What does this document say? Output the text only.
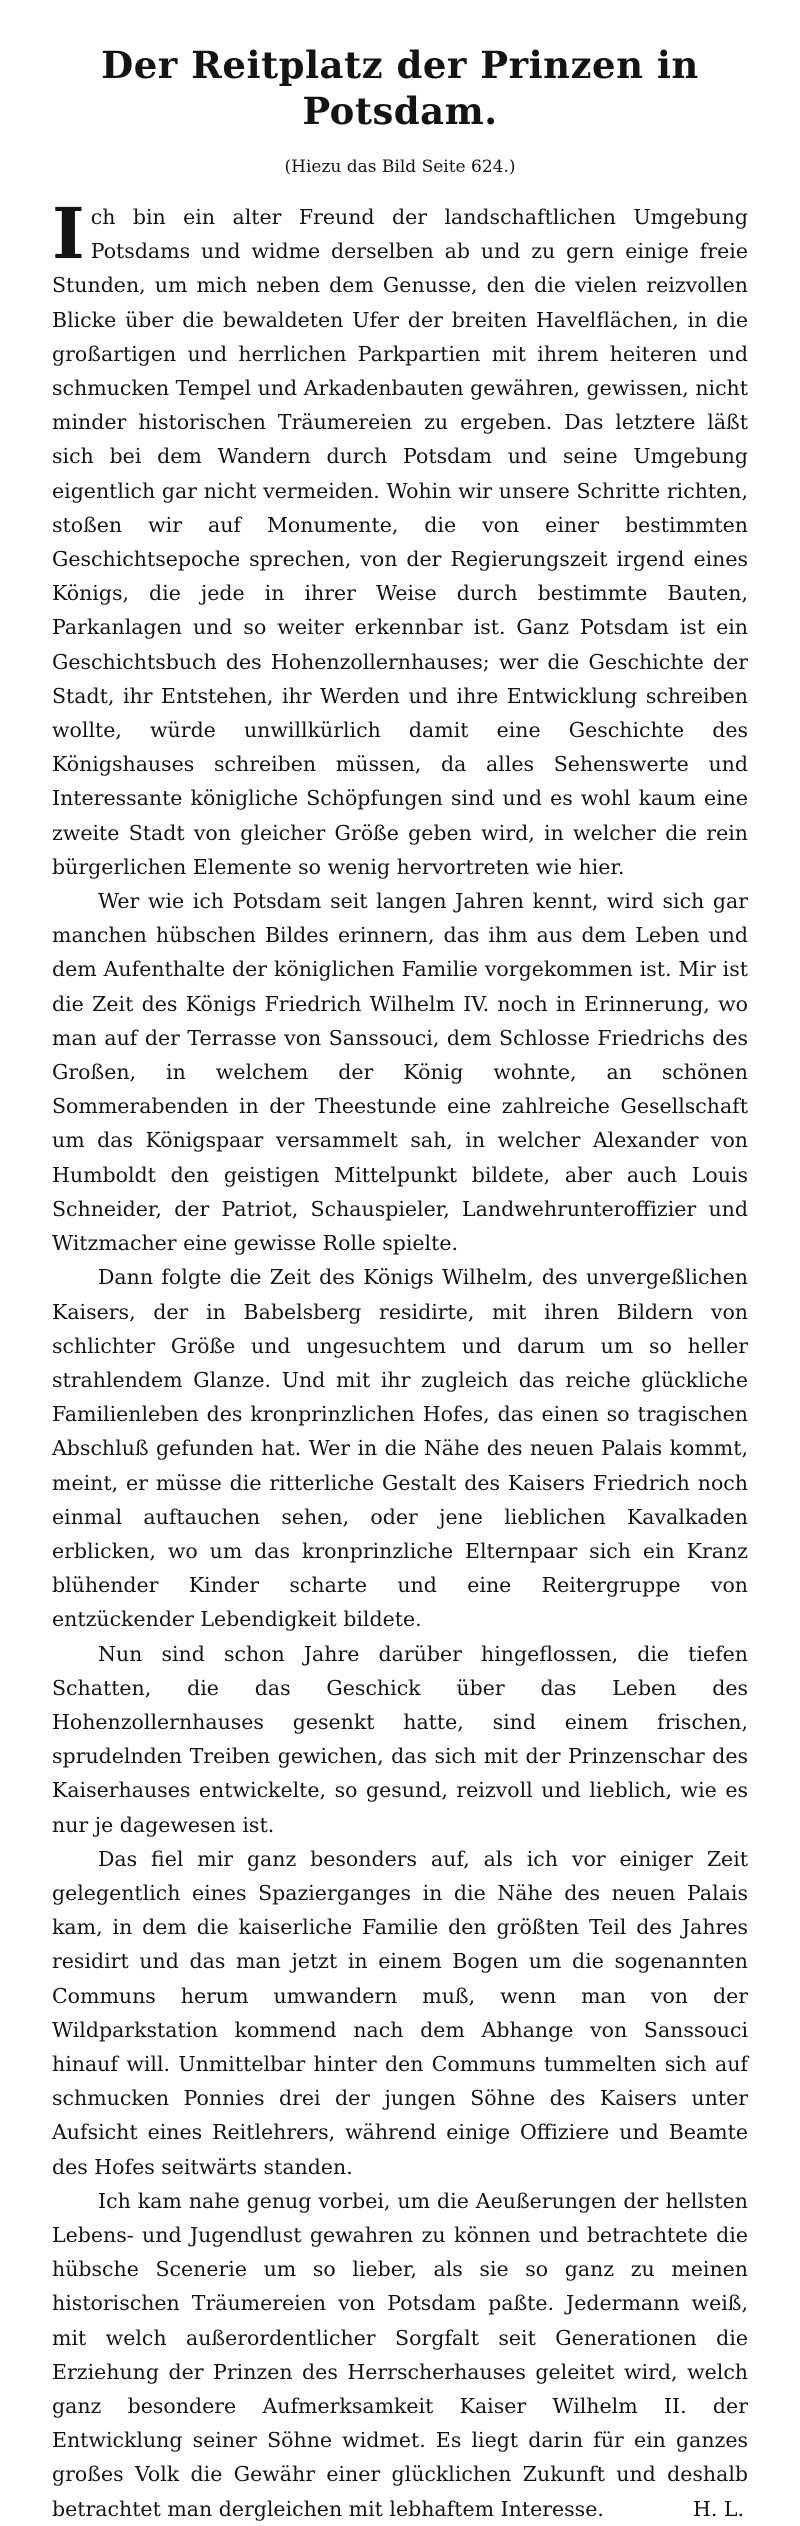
Der Reitplatz der Prinzen in Potsdam.
(Hiezu das Bild Seite 624.)

Ich bin ein alter Freund der landschaftlichen Umgebung Potsdams und widme derselben ab und zu gern einige freie Stunden, um mich neben dem Genusse, den die vielen reizvollen Blicke über die bewaldeten Ufer der breiten Havelflächen, in die großartigen und herrlichen Parkpartien mit ihrem heiteren und schmucken Tempel und Arkadenbauten gewähren, gewissen, nicht minder historischen Träumereien zu ergeben. Das letztere läßt sich bei dem Wandern durch Potsdam und seine Umgebung eigentlich gar nicht vermeiden. Wohin wir unsere Schritte richten, stoßen wir auf Monumente, die von einer bestimmten Geschichtsepoche sprechen, von der Regierungszeit irgend eines Königs, die jede in ihrer Weise durch bestimmte Bauten, Parkanlagen und so weiter erkennbar ist. Ganz Potsdam ist ein Geschichtsbuch des Hohenzollernhauses; wer die Geschichte der Stadt, ihr Entstehen, ihr Werden und ihre Entwicklung schreiben wollte, würde unwillkürlich damit eine Geschichte des Königshauses schreiben müssen, da alles Sehenswerte und Interessante königliche Schöpfungen sind und es wohl kaum eine zweite Stadt von gleicher Größe geben wird, in welcher die rein bürgerlichen Elemente so wenig hervortreten wie hier.

Wer wie ich Potsdam seit langen Jahren kennt, wird sich gar manchen hübschen Bildes erinnern, das ihm aus dem Leben und dem Aufenthalte der königlichen Familie vorgekommen ist. Mir ist die Zeit des Königs Friedrich Wilhelm IV. noch in Erinnerung, wo man auf der Terrasse von Sanssouci, dem Schlosse Friedrichs des Großen, in welchem der König wohnte, an schönen Sommerabenden in der Theestunde eine zahlreiche Gesellschaft um das Königspaar versammelt sah, in welcher Alexander von Humboldt den geistigen Mittelpunkt bildete, aber auch Louis Schneider, der Patriot, Schauspieler, Landwehrunteroffizier und Witzmacher eine gewisse Rolle spielte.

Dann folgte die Zeit des Königs Wilhelm, des unvergeßlichen Kaisers, der in Babelsberg residirte, mit ihren Bildern von schlichter Größe und ungesuchtem und darum um so heller strahlendem Glanze. Und mit ihr zugleich das reiche glückliche Familienleben des kronprinzlichen Hofes, das einen so tragischen Abschluß gefunden hat. Wer in die Nähe des neuen Palais kommt, meint, er müsse die ritterliche Gestalt des Kaisers Friedrich noch einmal auftauchen sehen, oder jene lieblichen Kavalkaden erblicken, wo um das kronprinzliche Elternpaar sich ein Kranz blühender Kinder scharte und eine Reitergruppe von entzückender Lebendigkeit bildete.

Nun sind schon Jahre darüber hingeflossen, die tiefen Schatten, die das Geschick über das Leben des Hohenzollernhauses gesenkt hatte, sind einem frischen, sprudelnden Treiben gewichen, das sich mit der Prinzenschar des Kaiserhauses entwickelte, so gesund, reizvoll und lieblich, wie es nur je dagewesen ist.

Das fiel mir ganz besonders auf, als ich vor einiger Zeit gelegentlich eines Spazierganges in die Nähe des neuen Palais kam, in dem die kaiserliche Familie den größten Teil des Jahres residirt und das man jetzt in einem Bogen um die sogenannten Communs herum umwandern muß, wenn man von der Wildparkstation kommend nach dem Abhange von Sanssouci hinauf will. Unmittelbar hinter den Communs tummelten sich auf schmucken Ponnies drei der jungen Söhne des Kaisers unter Aufsicht eines Reitlehrers, während einige Offiziere und Beamte des Hofes seitwärts standen.

Ich kam nahe genug vorbei, um die Aeußerungen der hellsten Lebens- und Jugendlust gewahren zu können und betrachtete die hübsche Scenerie um so lieber, als sie so ganz zu meinen historischen Träumereien von Potsdam paßte. Jedermann weiß, mit welch außerordentlicher Sorgfalt seit Generationen die Erziehung der Prinzen des Herrscherhauses geleitet wird, welch ganz besondere Aufmerksamkeit Kaiser Wilhelm II. der Entwicklung seiner Söhne widmet. Es liegt darin für ein ganzes großes Volk die Gewähr einer glücklichen Zukunft und deshalb betrachtet man dergleichen mit lebhaftem Interesse.	H. L.
